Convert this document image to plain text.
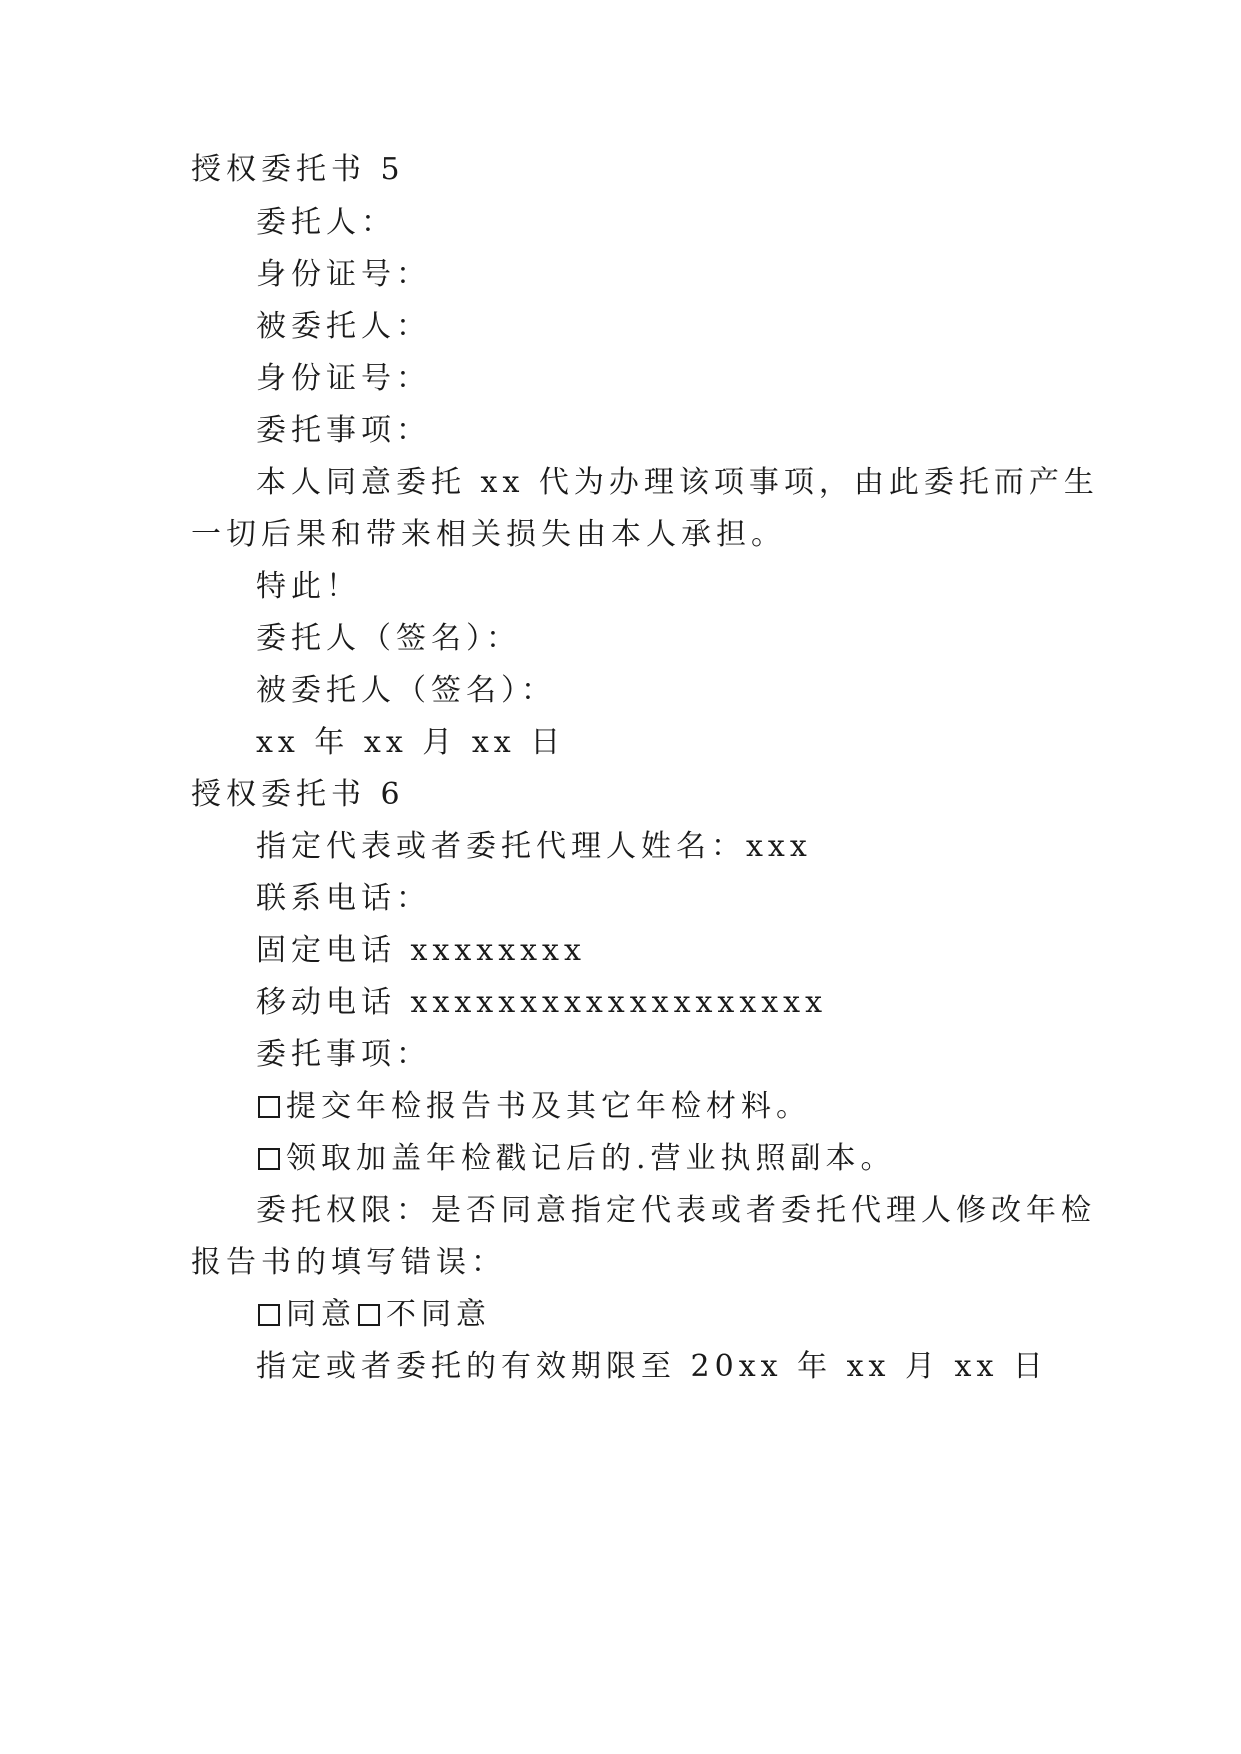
授权委托书 5

委托人：

身份证号：

被委托人：

身份证号：

委托事项：

本人同意委托 xx 代为办理该项事项，由此委托而产生

一切后果和带来相关损失由本人承担。

特此！

委托人（签名）：

被委托人（签名）：

xx 年 xx 月 xx 日

授权委托书 6

指定代表或者委托代理人姓名：xxx

联系电话：

固定电话 xxxxxxxx

移动电话 xxxxxxxxxxxxxxxxxxx

委托事项：

提交年检报告书及其它年检材料。

领取加盖年检戳记后的.营业执照副本。

委托权限：是否同意指定代表或者委托代理人修改年检

报告书的填写错误：

同意 不同意

指定或者委托的有效期限至 20xx 年 xx 月 xx 日
